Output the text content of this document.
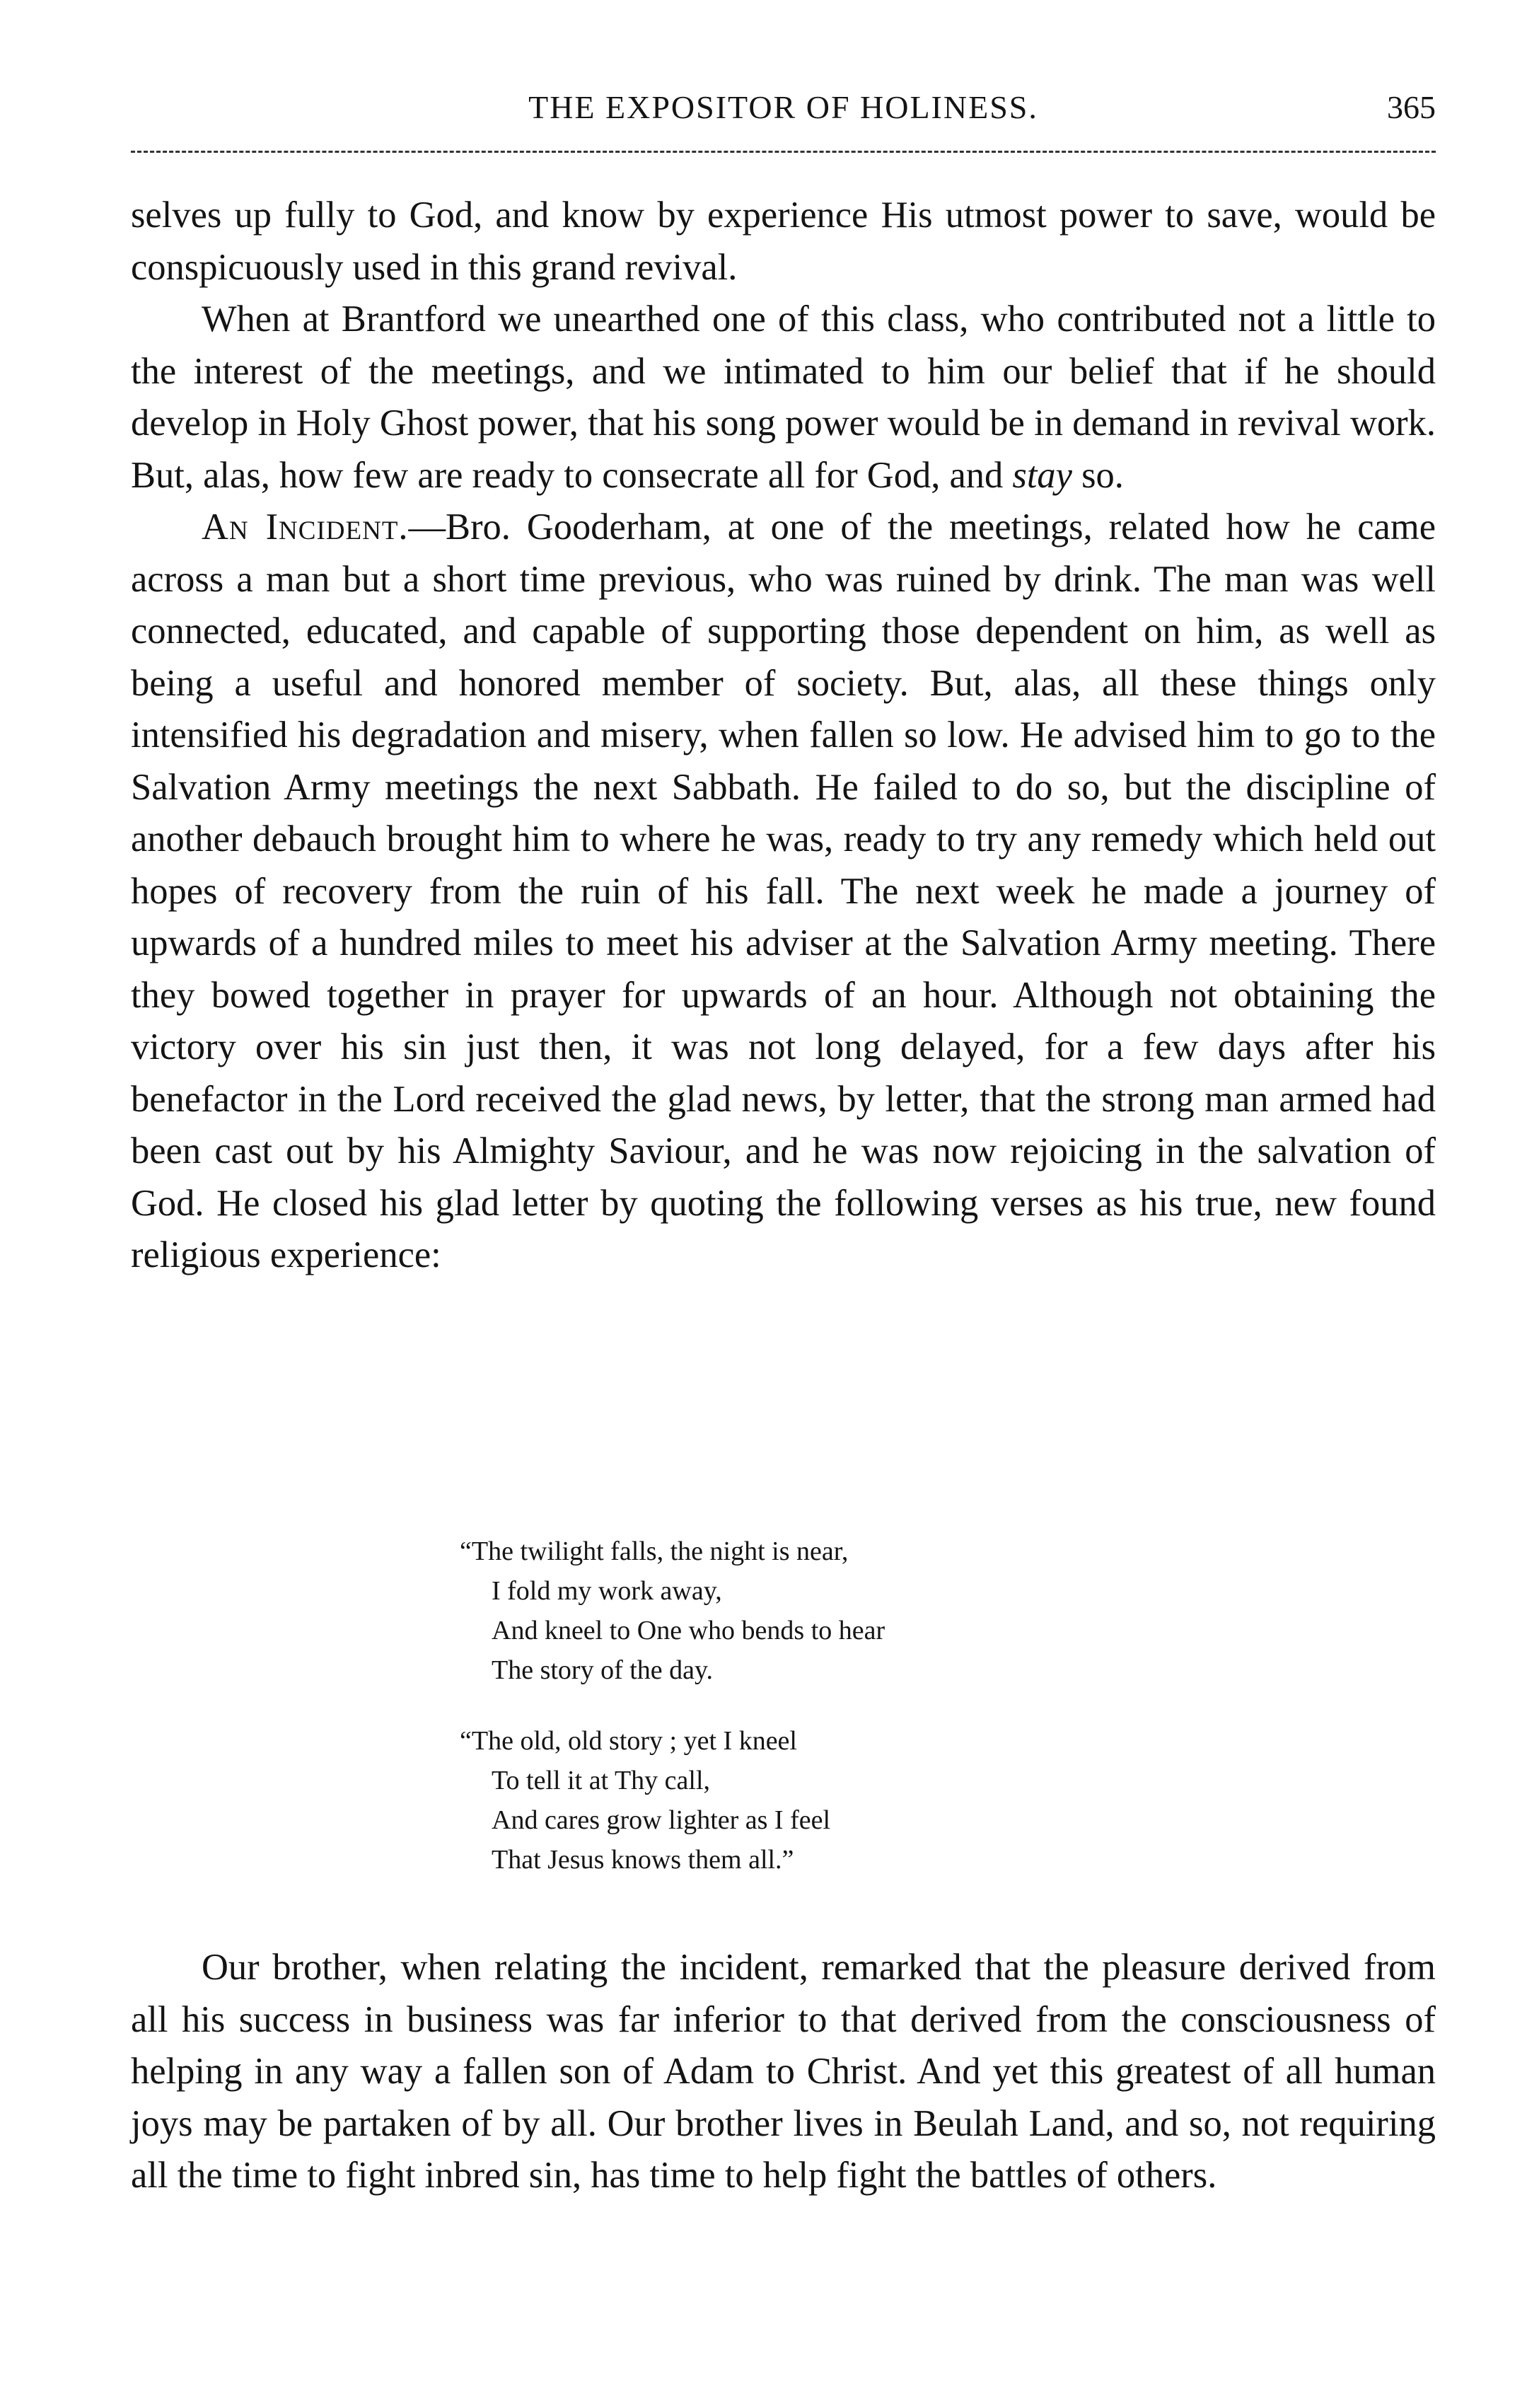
THE EXPOSITOR OF HOLINESS.	365

selves up fully to God, and know by experience His utmost power to save, would be conspicuously used in this grand revival.

When at Brantford we unearthed one of this class, who contributed not a little to the interest of the meetings, and we intimated to him our belief that if he should develop in Holy Ghost power, that his song power would be in demand in revival work. But, alas, how few are ready to consecrate all for God, and stay so.

An Incident.—Bro. Gooderham, at one of the meetings, related how he came across a man but a short time previous, who was ruined by drink. The man was well connected, educated, and capable of supporting those dependent on him, as well as being a useful and honored member of society. But, alas, all these things only intensified his degradation and misery, when fallen so low. He advised him to go to the Salvation Army meetings the next Sabbath. He failed to do so, but the discipline of another debauch brought him to where he was, ready to try any remedy which held out hopes of recovery from the ruin of his fall. The next week he made a journey of upwards of a hundred miles to meet his adviser at the Salvation Army meeting. There they bowed together in prayer for upwards of an hour. Although not obtaining the victory over his sin just then, it was not long delayed, for a few days after his benefactor in the Lord received the glad news, by letter, that the strong man armed had been cast out by his Almighty Saviour, and he was now rejoicing in the salvation of God. He closed his glad letter by quoting the following verses as his true, new found religious experience:

“The twilight falls, the night is near,
I fold my work away,
And kneel to One who bends to hear
The story of the day.
“The old, old story ; yet I kneel
To tell it at Thy call,
And cares grow lighter as I feel
That Jesus knows them all.”

Our brother, when relating the incident, remarked that the pleasure derived from all his success in business was far inferior to that derived from the consciousness of helping in any way a fallen son of Adam to Christ. And yet this greatest of all human joys may be partaken of by all. Our brother lives in Beulah Land, and so, not requiring all the time to fight inbred sin, has time to help fight the battles of others.
